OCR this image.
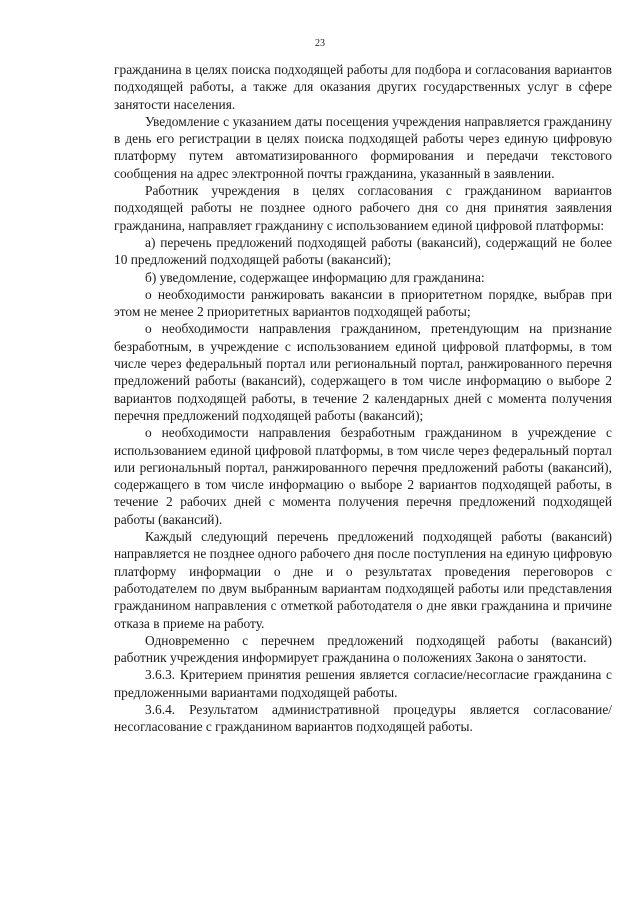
23

гражданина в целях поиска подходящей работы для подбора и согласования вариантов подходящей работы, а также для оказания других государственных услуг в сфере занятости населения.

Уведомление с указанием даты посещения учреждения направляется гражданину в день его регистрации в целях поиска подходящей работы через единую цифровую платформу путем автоматизированного формирования и передачи текстового сообщения на адрес электронной почты гражданина, указанный в заявлении.

Работник учреждения в целях согласования с гражданином вариантов подходящей работы не позднее одного рабочего дня со дня принятия заявления гражданина, направляет гражданину с использованием единой цифровой платформы:

а) перечень предложений подходящей работы (вакансий), содержащий не более 10 предложений подходящей работы (вакансий);

б) уведомление, содержащее информацию для гражданина:

о необходимости ранжировать вакансии в приоритетном порядке, выбрав при этом не менее 2 приоритетных вариантов подходящей работы;

о необходимости направления гражданином, претендующим на признание безработным, в учреждение с использованием единой цифровой платформы, в том числе через федеральный портал или региональный портал, ранжированного перечня предложений работы (вакансий), содержащего в том числе информацию о выборе 2 вариантов подходящей работы, в течение 2 календарных дней с момента получения перечня предложений подходящей работы (вакансий);

о необходимости направления безработным гражданином в учреждение с использованием единой цифровой платформы, в том числе через федеральный портал или региональный портал, ранжированного перечня предложений работы (вакансий), содержащего в том числе информацию о выборе 2 вариантов подходящей работы, в течение 2 рабочих дней с момента получения перечня предложений подходящей работы (вакансий).

Каждый следующий перечень предложений подходящей работы (вакансий) направляется не позднее одного рабочего дня после поступления на единую цифровую платформу информации о дне и о результатах проведения переговоров с работодателем по двум выбранным вариантам подходящей работы или представления гражданином направления с отметкой работодателя о дне явки гражданина и причине отказа в приеме на работу.

Одновременно с перечнем предложений подходящей работы (вакансий) работник учреждения информирует гражданина о положениях Закона о занятости.

3.6.3. Критерием принятия решения является согласие/несогласие гражданина с предложенными вариантами подходящей работы.

3.6.4. Результатом административной процедуры является согласование/несогласование с гражданином вариантов подходящей работы.
